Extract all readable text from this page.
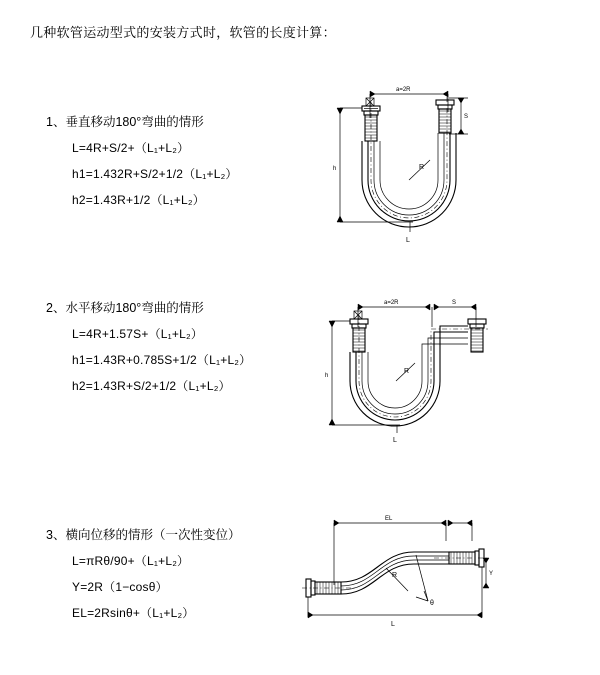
几种软管运动型式的安装方式时，软管的长度计算：
1、垂直移动180°弯曲的情形
L=4R+S/2+（L₁+L₂）
h1=1.432R+S/2+1/2（L₁+L₂）
h2=1.43R+1/2（L₁+L₂）
a=2R
S
R
h
L
2、水平移动180°弯曲的情形
L=4R+1.57S+（L₁+L₂）
h1=1.43R+0.785S+1/2（L₁+L₂）
h2=1.43R+S/2+1/2（L₁+L₂）
a=2R	S
R
h
L
3、横向位移的情形（一次性变位）
L=πRθ/90+（L₁+L₂）
Y=2R（1−cosθ）
EL=2Rsinθ+（L₁+L₂）
EL
θ
R	Y
L
